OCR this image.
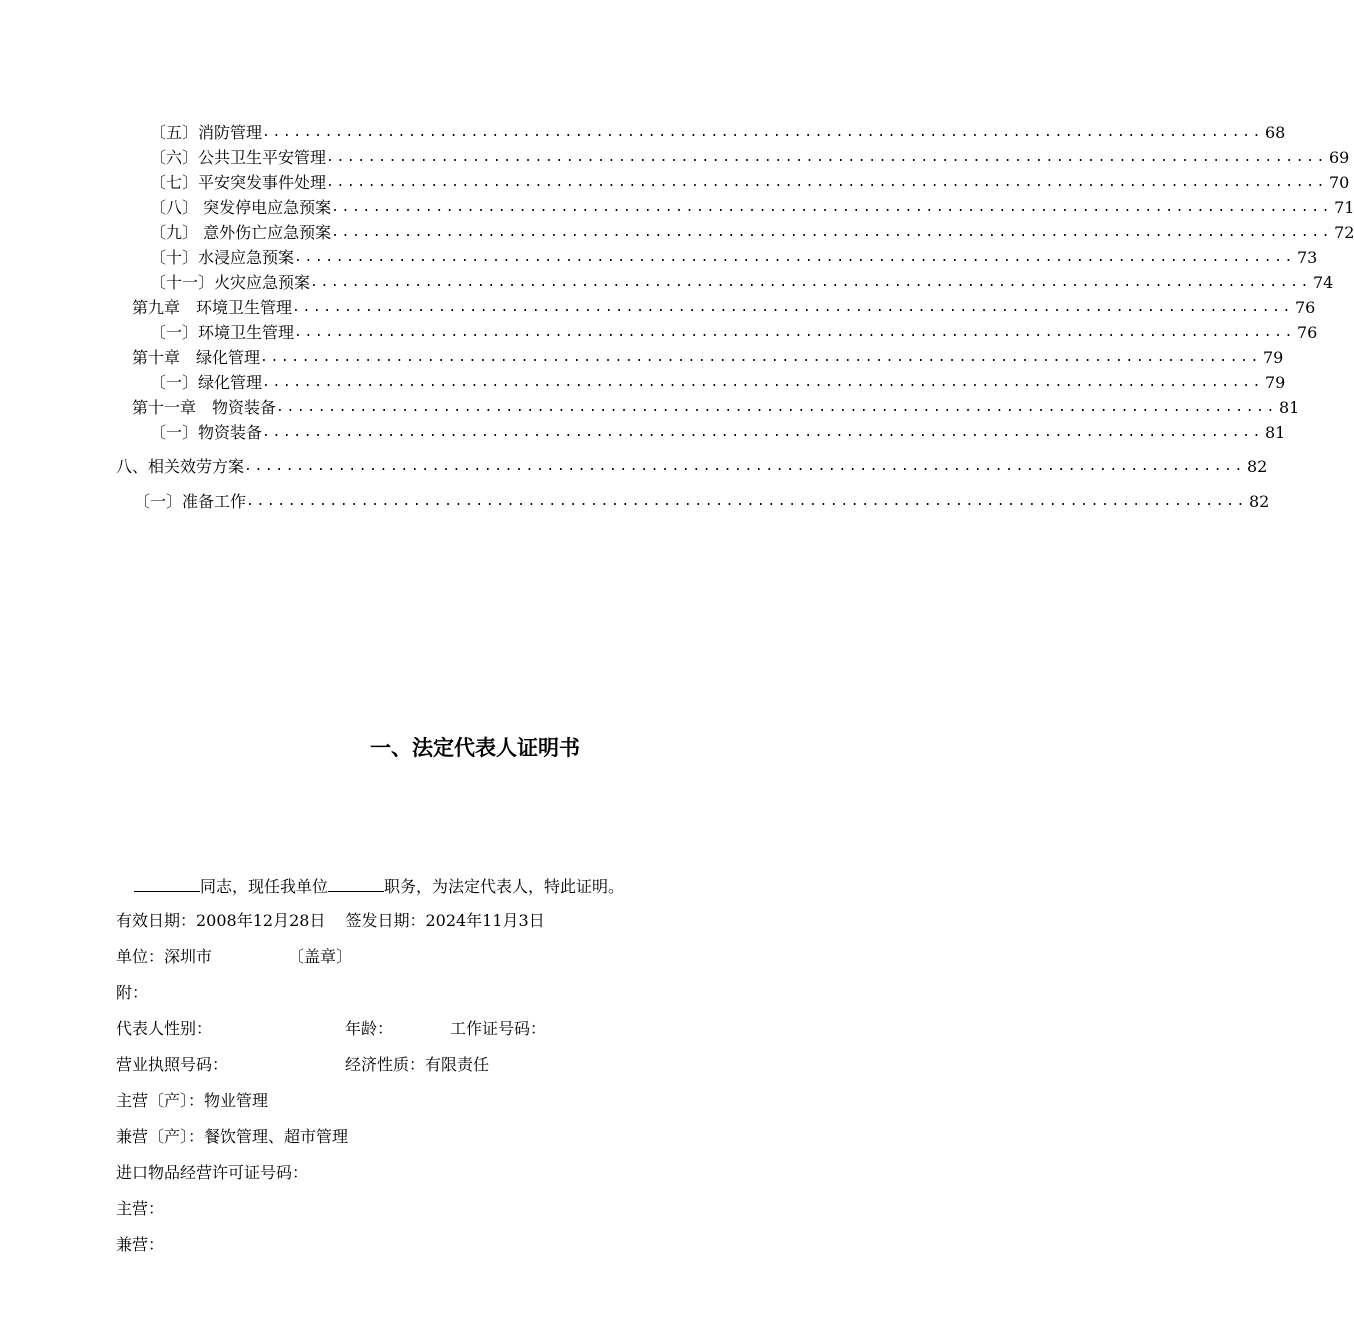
〔五〕消防管理 ................................................................................................ 68
〔六〕公共卫生平安管理 ................................................................................................ 69
〔七〕平安突发事件处理 ................................................................................................ 70
〔八〕 突发停电应急预案 ................................................................................................ 71
〔九〕 意外伤亡应急预案 ................................................................................................ 72
〔十〕水浸应急预案 ................................................................................................ 73
〔十一〕火灾应急预案 ................................................................................................ 74
第九章　环境卫生管理 ................................................................................................ 76
〔一〕环境卫生管理 ................................................................................................ 76
第十章　绿化管理 ................................................................................................ 79
〔一〕绿化管理 ................................................................................................ 79
第十一章　物资装备 ................................................................................................ 81
〔一〕物资装备 ................................................................................................ 81
八、相关效劳方案 ................................................................................................ 82
〔一〕准备工作 ................................................................................................ 82
一、法定代表人证明书
同志，现任我单位	职务，为法定代表人，特此证明。
有效日期：2008年12月28日 签发日期：2024年11月3日
单位：深圳市	〔盖章〕
附：
代表人性别：	年龄：	工作证号码：
营业执照号码：	经济性质：有限责任
主营〔产〕：物业管理
兼营〔产〕：餐饮管理、超市管理
进口物品经营许可证号码：
主营：
兼营：
